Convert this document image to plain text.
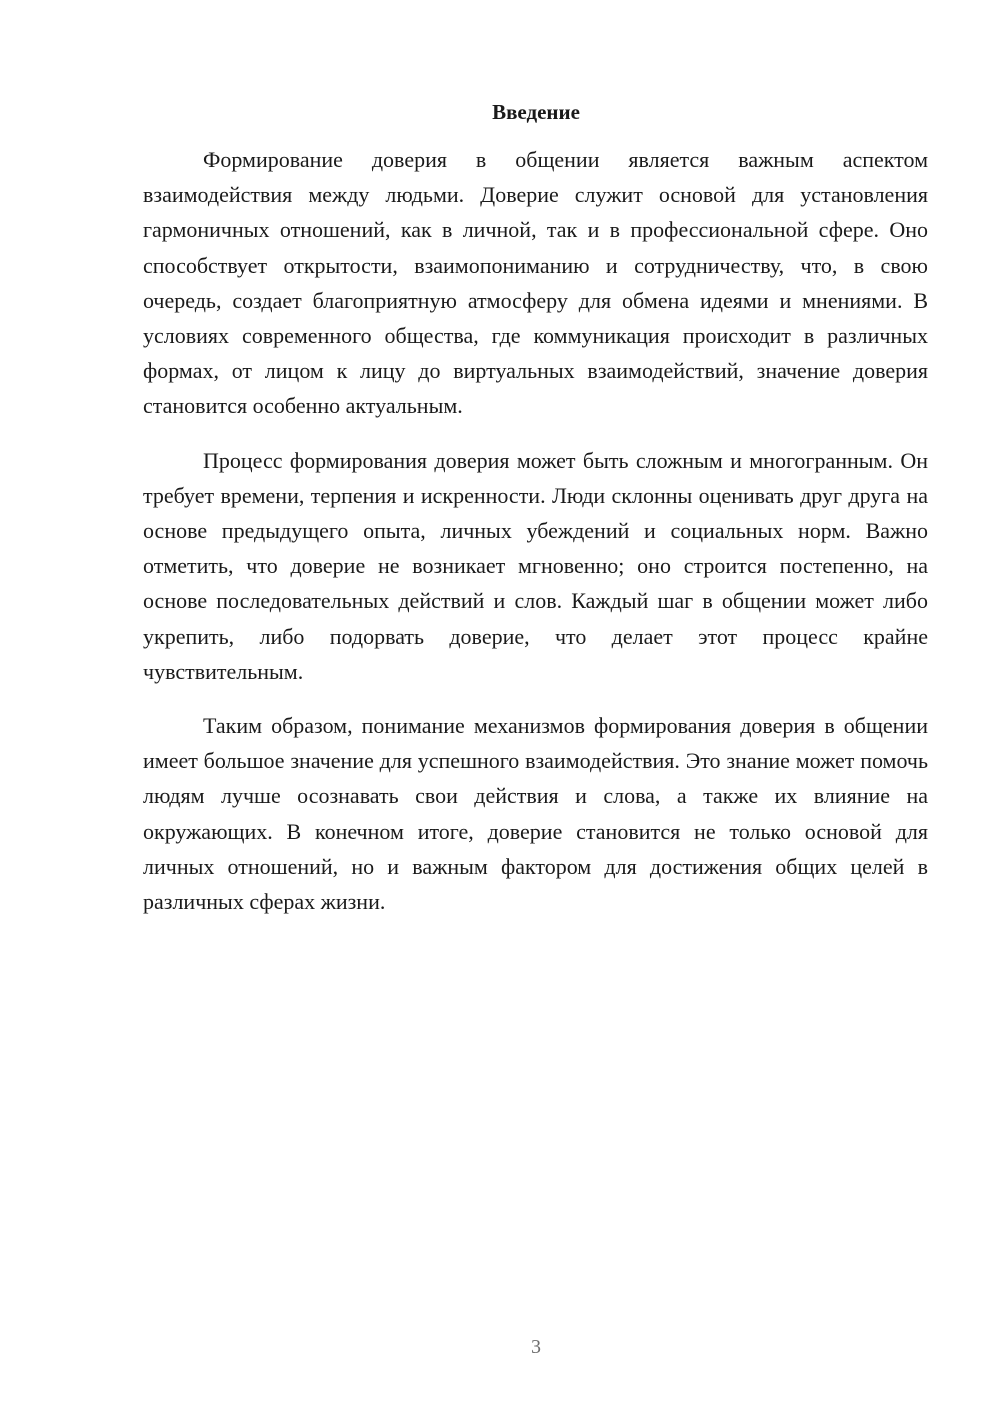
Введение

Формирование доверия в общении является важным аспектом взаимодействия между людьми. Доверие служит основой для установления гармоничных отношений, как в личной, так и в профессиональной сфере. Оно способствует открытости, взаимопониманию и сотрудничеству, что, в свою очередь, создает благоприятную атмосферу для обмена идеями и мнениями. В условиях современного общества, где коммуникация происходит в различных формах, от лицом к лицу до виртуальных взаимодействий, значение доверия становится особенно актуальным.

Процесс формирования доверия может быть сложным и многогранным. Он требует времени, терпения и искренности. Люди склонны оценивать друг друга на основе предыдущего опыта, личных убеждений и социальных норм. Важно отметить, что доверие не возникает мгновенно; оно строится постепенно, на основе последовательных действий и слов. Каждый шаг в общении может либо укрепить, либо подорвать доверие, что делает этот процесс крайне чувствительным.

Таким образом, понимание механизмов формирования доверия в общении имеет большое значение для успешного взаимодействия. Это знание может помочь людям лучше осознавать свои действия и слова, а также их влияние на окружающих. В конечном итоге, доверие становится не только основой для личных отношений, но и важным фактором для достижения общих целей в различных сферах жизни.

3
